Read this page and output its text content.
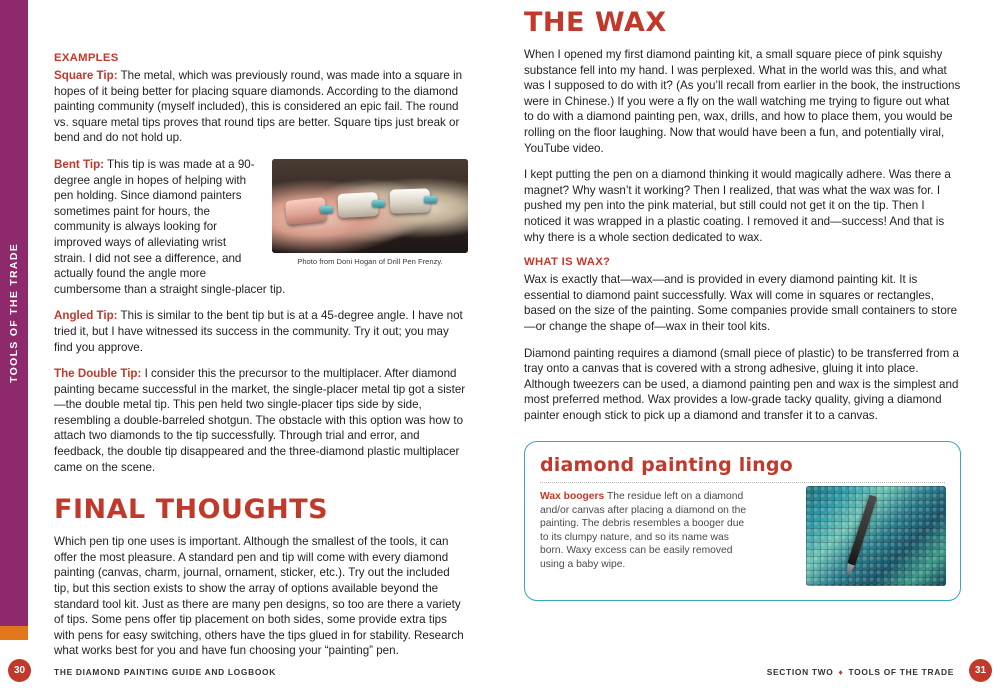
TOOLS OF THE TRADE
EXAMPLES

Square Tip: The metal, which was previously round, was made into a square in hopes of it being better for placing square diamonds. According to the diamond painting community (myself included), this is considered an epic fail. The round vs. square metal tips proves that round tips are better. Square tips just break or bend and do not hold up.

Photo from Doni Hogan of Drill Pen Frenzy.

Bent Tip: This tip is was made at a 90-degree angle in hopes of helping with pen holding. Since diamond painters sometimes paint for hours, the community is always looking for improved ways of alleviating wrist strain. I did not see a difference, and actually found the angle more cumbersome than a straight single-placer tip.

Angled Tip: This is similar to the bent tip but is at a 45-degree angle. I have not tried it, but I have witnessed its success in the community. Try it out; you may find you approve.

The Double Tip: I consider this the precursor to the multiplacer. After diamond painting became successful in the market, the single-placer metal tip got a sister—the double metal tip. This pen held two single-placer tips side by side, resembling a double-barreled shotgun. The obstacle with this option was how to attach two diamonds to the tip successfully. Through trial and error, and feedback, the double tip disappeared and the three-diamond plastic multiplacer came on the scene.

FINAL THOUGHTS

Which pen tip one uses is important. Although the smallest of the tools, it can offer the most pleasure. A standard pen and tip will come with every diamond painting (canvas, charm, journal, ornament, sticker, etc.). Try out the included tip, but this section exists to show the array of options available beyond the standard tool kit. Just as there are many pen designs, so too are there a variety of tips. Some pens offer tip placement on both sides, some provide extra tips with pens for easy switching, others have the tips glued in for stability. Research what works best for you and have fun choosing your “painting” pen.

THE WAX

When I opened my first diamond painting kit, a small square piece of pink squishy substance fell into my hand. I was perplexed. What in the world was this, and what was I supposed to do with it? (As you’ll recall from earlier in the book, the instructions were in Chinese.) If you were a fly on the wall watching me trying to figure out what to do with a diamond painting pen, wax, drills, and how to place them, you would be rolling on the floor laughing. Now that would have been a fun, and potentially viral, YouTube video.

I kept putting the pen on a diamond thinking it would magically adhere. Was there a magnet? Why wasn’t it working? Then I realized, that was what the wax was for. I pushed my pen into the pink material, but still could not get it on the tip. Then I noticed it was wrapped in a plastic coating. I removed it and—success! And that is why there is a whole section dedicated to wax.

WHAT IS WAX?

Wax is exactly that—wax—and is provided in every diamond painting kit. It is essential to diamond paint successfully. Wax will come in squares or rectangles, based on the size of the painting. Some companies provide small containers to store—or change the shape of—wax in their tool kits.

Diamond painting requires a diamond (small piece of plastic) to be transferred from a tray onto a canvas that is covered with a strong adhesive, gluing it into place. Although tweezers can be used, a diamond painting pen and wax is the simplest and most preferred method. Wax provides a low-grade tacky quality, giving a diamond painter enough stick to pick up a diamond and transfer it to a canvas.

diamond painting lingo
Wax boogers The residue left on a diamond and/or canvas after placing a diamond on the painting. The debris resembles a booger due to its clumpy nature, and so its name was born. Waxy excess can be easily removed using a baby wipe.
30	THE DIAMOND PAINTING GUIDE AND LOGBOOK	SECTION TWO ♦ TOOLS OF THE TRADE	31
